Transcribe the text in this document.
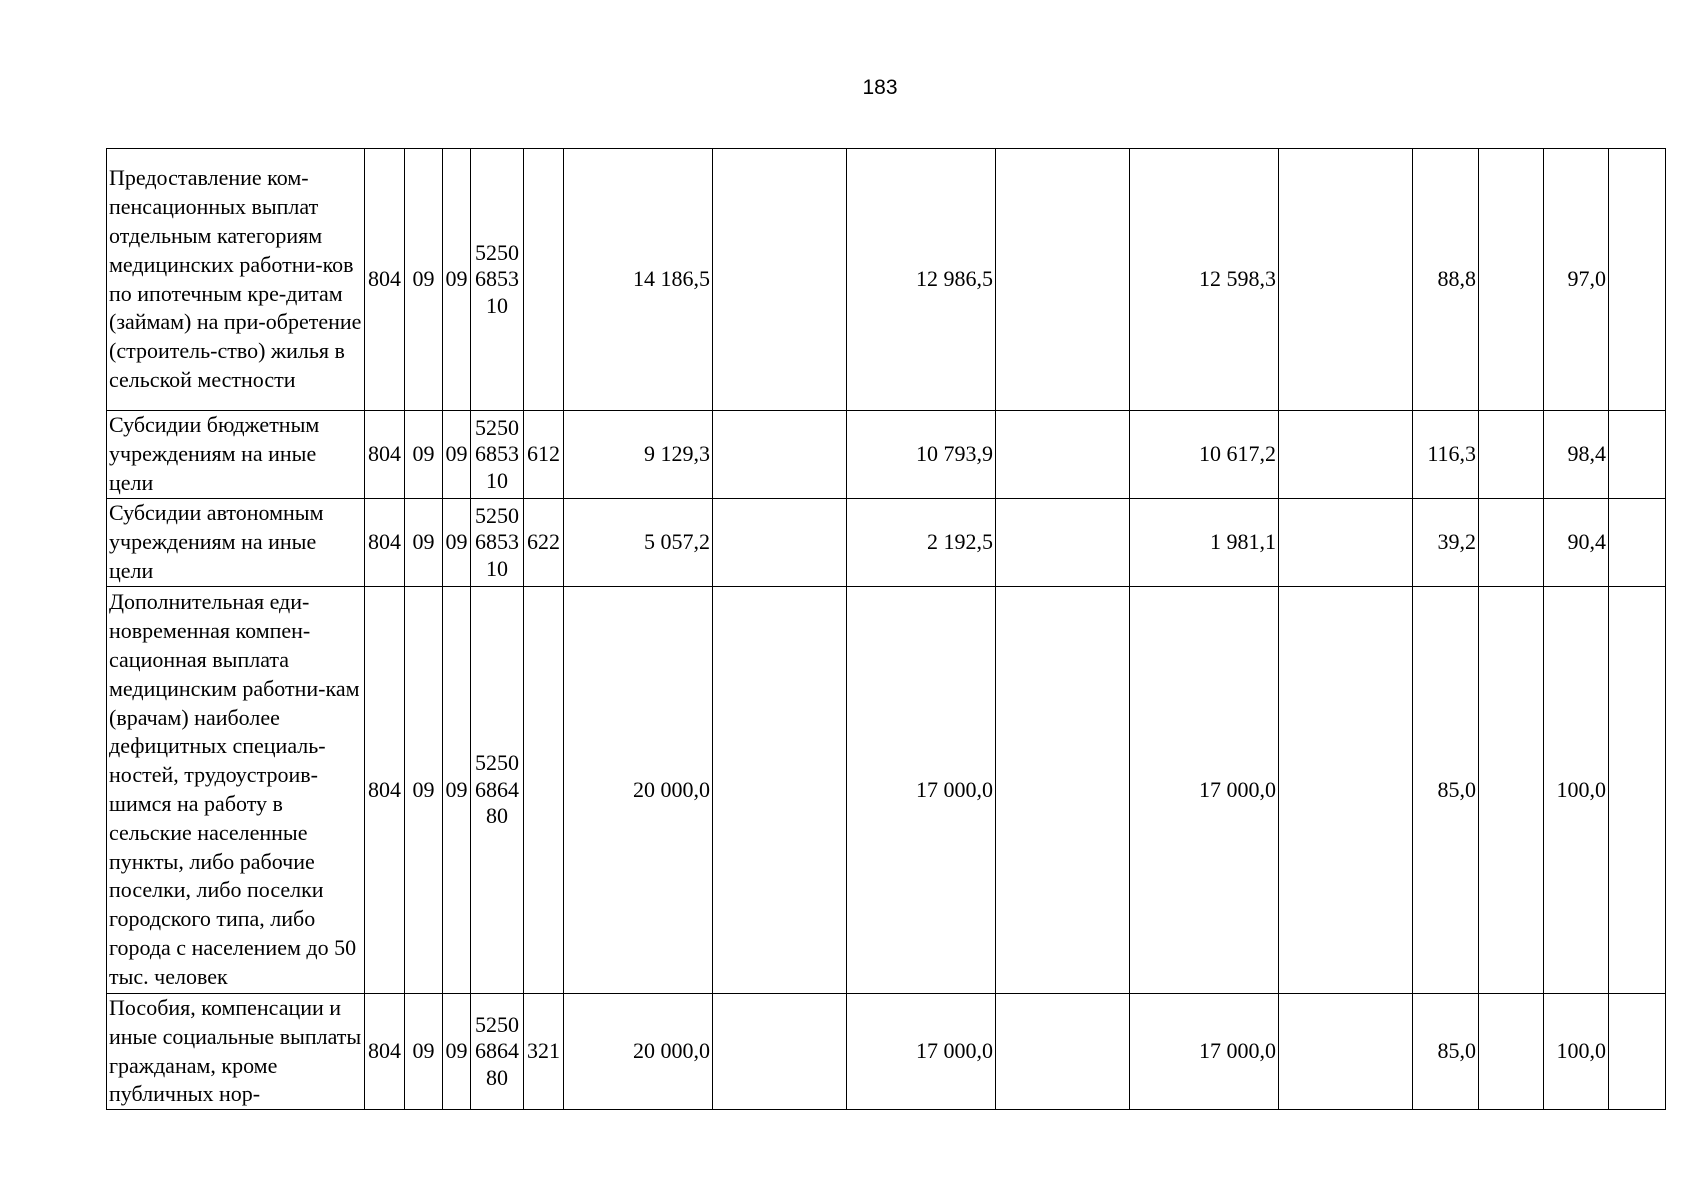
183
Предоставление ком-пенсационных выплат отдельным категориям медицинских работни-ков по ипотечным кре-дитам (займам) на при-обретение (строитель-ство) жилья в сельской местности	804	09	09	5250 6853 10		14 186,5		12 986,5		12 598,3		88,8		97,0	
Субсидии бюджетным учреждениям на иные цели	804	09	09	5250 6853 10	612	9 129,3		10 793,9		10 617,2		116,3		98,4	
Субсидии автономным учреждениям на иные цели	804	09	09	5250 6853 10	622	5 057,2		2 192,5		1 981,1		39,2		90,4	
Дополнительная еди-новременная компен-сационная выплата медицинским работни-кам (врачам) наиболее дефицитных специаль-ностей, трудоустроив-шимся на работу в сельские населенные пункты, либо рабочие поселки, либо поселки городского типа, либо города с населением до 50 тыс. человек	804	09	09	5250 6864 80		20 000,0		17 000,0		17 000,0		85,0		100,0	
Пособия, компенсации и иные социальные выплаты гражданам, кроме публичных нор-	804	09	09	5250 6864 80	321	20 000,0		17 000,0		17 000,0		85,0		100,0	
